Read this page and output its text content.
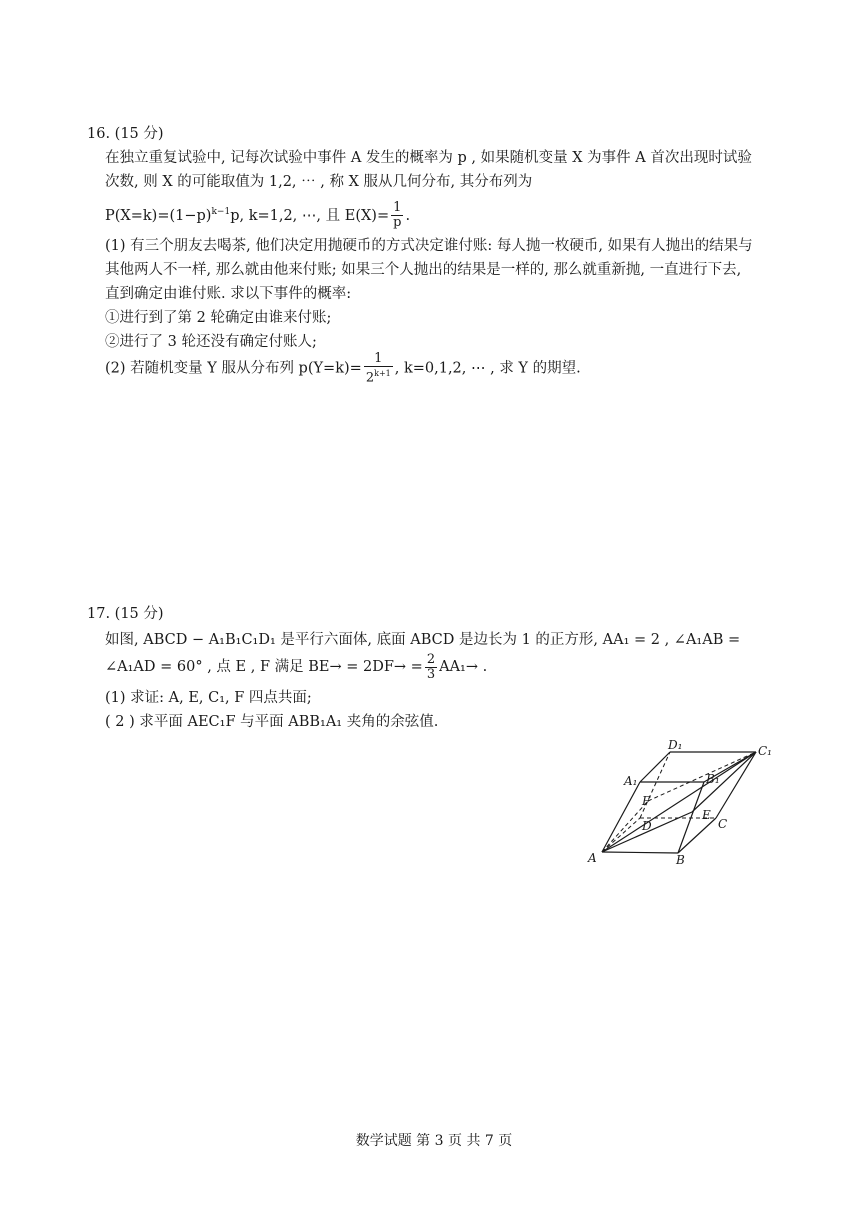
16. (15 分)
在独立重复试验中, 记每次试验中事件 A 发生的概率为 p , 如果随机变量 X 为事件 A 首次出现时试验
次数, 则 X 的可能取值为 1,2, ⋯ , 称 X 服从几何分布, 其分布列为
$P(X=k)=(1-p)^{k-1}p$, k=1,2, ⋯, 且 $E(X)= \frac{1}{p}$ .
(1) 有三个朋友去喝茶, 他们决定用抛硬币的方式决定谁付账: 每人抛一枚硬币, 如果有人抛出的结果与
其他两人不一样, 那么就由他来付账; 如果三个人抛出的结果是一样的, 那么就重新抛, 一直进行下去,
直到确定由谁付账. 求以下事件的概率:
①进行到了第 2 轮确定由谁来付账;
②进行了 3 轮还没有确定付账人;
(2) 若随机变量 Y 服从分布列 $p(Y=k)= \frac{1}{2^{k+1}}$ , k=0,1,2, ⋯ , 求 Y 的期望.
17. (15 分)
如图, ABCD − A₁B₁C₁D₁ 是平行六面体, 底面 ABCD 是边长为 1 的正方形, AA₁ = 2 , ∠A₁AB =
∠A₁AD = 60° , 点 E , F 满足 $BE\to = 2DF\to = \frac{2}{3} AA_1\to$ .
(1) 求证: A, E, C₁, F 四点共面;
( 2 ) 求平面 AEC₁F 与平面 ABB₁A₁ 夹角的余弦值.
A	B
C
D
A₁	B₁
C₁
D₁
E
F
数学试题 第 3 页 共 7 页
